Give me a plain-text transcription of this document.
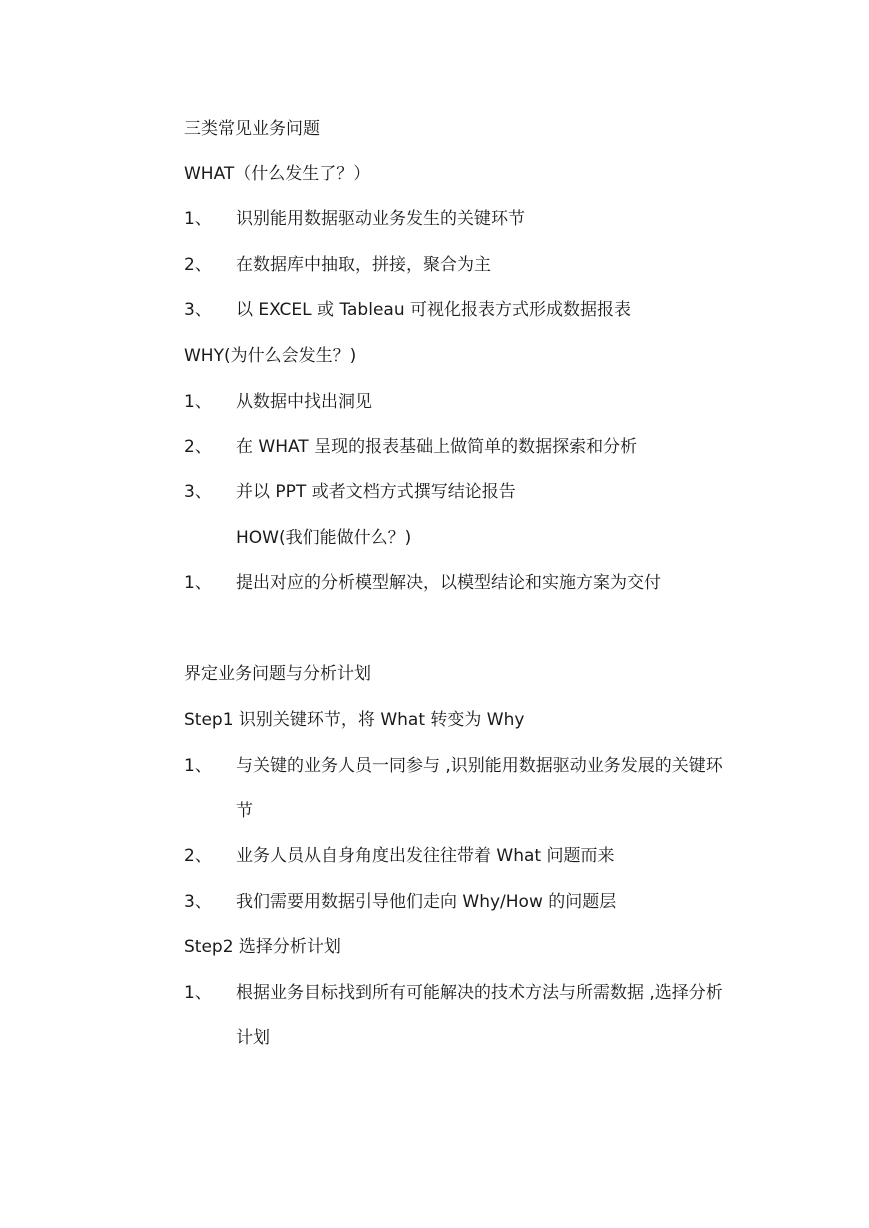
三类常见业务问题
WHAT（什么发生了？）
1、 识别能用数据驱动业务发生的关键环节
2、 在数据库中抽取，拼接，聚合为主
3、 以 EXCEL 或 Tableau 可视化报表方式形成数据报表
WHY(为什么会发生？)
1、 从数据中找出洞见
2、 在 WHAT 呈现的报表基础上做简单的数据探索和分析
3、 并以 PPT 或者文档方式撰写结论报告
HOW(我们能做什么？)
1、 提出对应的分析模型解决，以模型结论和实施方案为交付
界定业务问题与分析计划
Step1 识别关键环节，将 What 转变为 Why
1、 与关键的业务人员一同参与 ,识别能用数据驱动业务发展的关键环
节
2、 业务人员从自身角度出发往往带着 What 问题而来
3、 我们需要用数据引导他们走向 Why/How 的问题层
Step2 选择分析计划
1、 根据业务目标找到所有可能解决的技术方法与所需数据 ,选择分析
计划
